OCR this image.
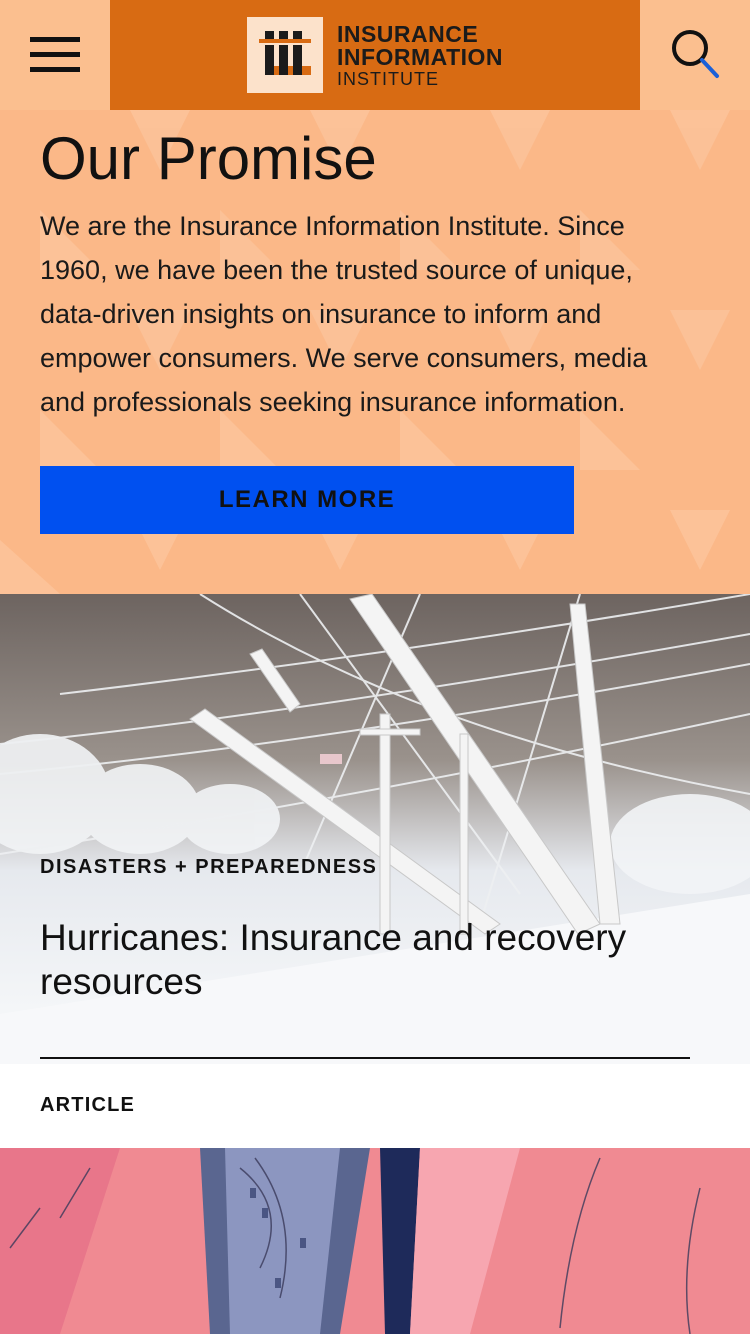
INSURANCE
INFORMATION
INSTITUTE
Our Promise

We are the Insurance Information Institute. Since 1960, we have been the trusted source of unique, data-driven insights on insurance to inform and empower consumers. We serve consumers, media and professionals seeking insurance information.

LEARN MORE
DISASTERS + PREPAREDNESS
Hurricanes: Insurance and recovery resources
ARTICLE
